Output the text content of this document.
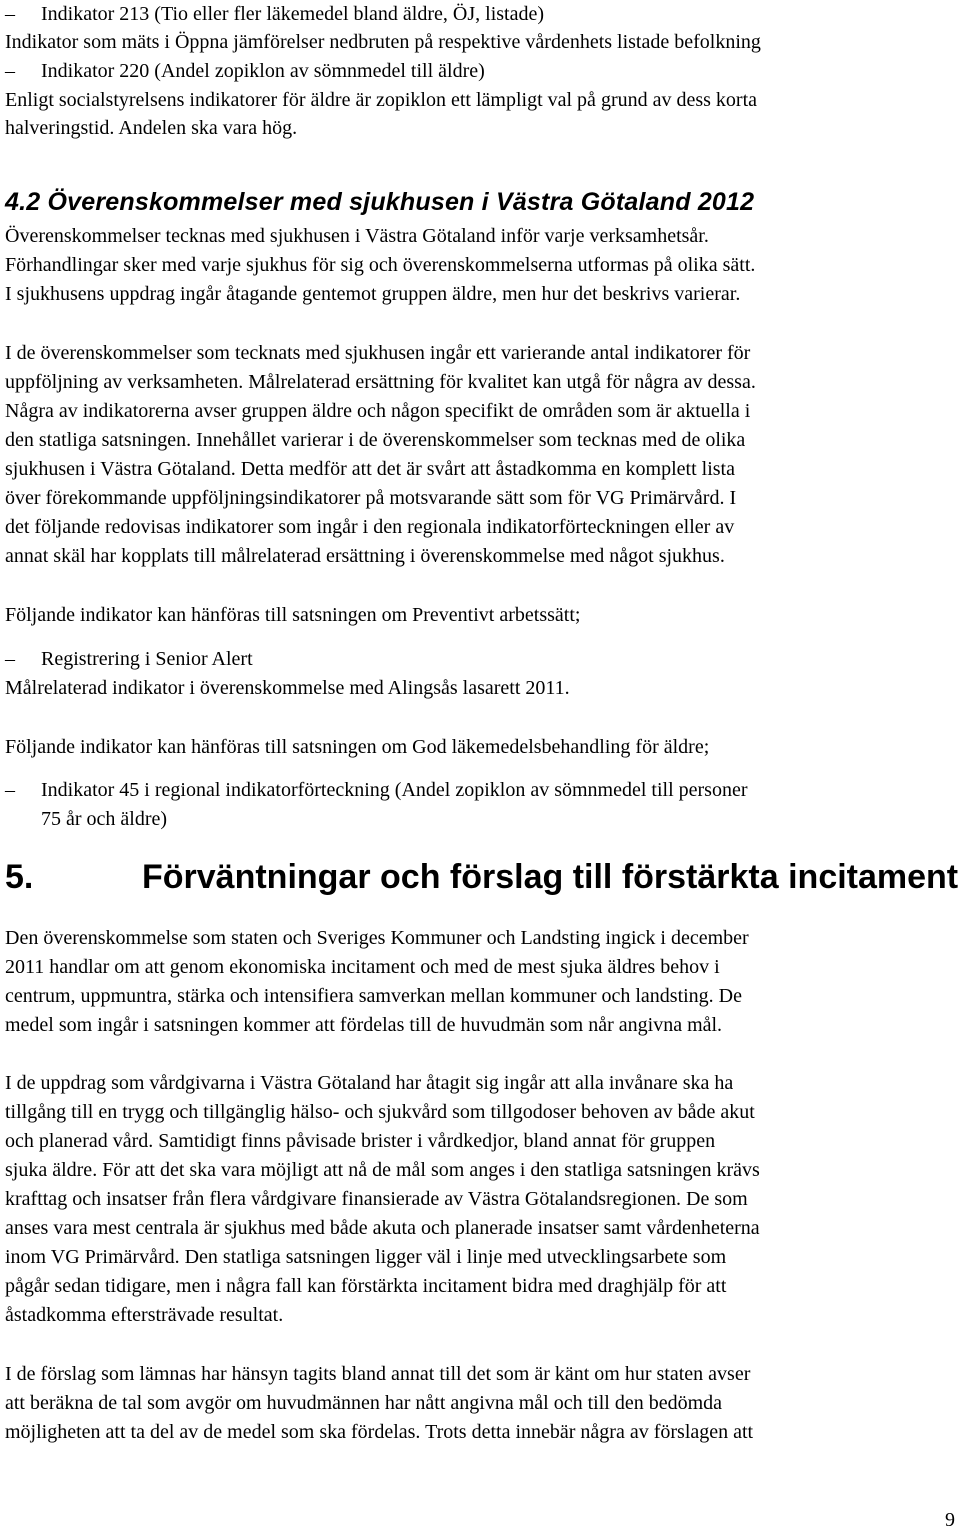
– Indikator 213 (Tio eller fler läkemedel bland äldre, ÖJ, listade)
Indikator som mäts i Öppna jämförelser nedbruten på respektive vårdenhets listade befolkning
– Indikator 220 (Andel zopiklon av sömnmedel till äldre)
Enligt socialstyrelsens indikatorer för äldre är zopiklon ett lämpligt val på grund av dess korta
halveringstid. Andelen ska vara hög.
4.2 Överenskommelser med sjukhusen i Västra Götaland 2012
Överenskommelser tecknas med sjukhusen i Västra Götaland inför varje verksamhetsår.
Förhandlingar sker med varje sjukhus för sig och överenskommelserna utformas på olika sätt.
I sjukhusens uppdrag ingår åtagande gentemot gruppen äldre, men hur det beskrivs varierar.
I de överenskommelser som tecknats med sjukhusen ingår ett varierande antal indikatorer för
uppföljning av verksamheten. Målrelaterad ersättning för kvalitet kan utgå för några av dessa.
Några av indikatorerna avser gruppen äldre och någon specifikt de områden som är aktuella i
den statliga satsningen. Innehållet varierar i de överenskommelser som tecknas med de olika
sjukhusen i Västra Götaland. Detta medför att det är svårt att åstadkomma en komplett lista
över förekommande uppföljningsindikatorer på motsvarande sätt som för VG Primärvård. I
det följande redovisas indikatorer som ingår i den regionala indikatorförteckningen eller av
annat skäl har kopplats till målrelaterad ersättning i överenskommelse med något sjukhus.
Följande indikator kan hänföras till satsningen om Preventivt arbetssätt;
– Registrering i Senior Alert
Målrelaterad indikator i överenskommelse med Alingsås lasarett 2011.
Följande indikator kan hänföras till satsningen om God läkemedelsbehandling för äldre;
– Indikator 45 i regional indikatorförteckning (Andel zopiklon av sömnmedel till personer
75 år och äldre)
5.	Förväntningar och förslag till förstärkta incitament
Den överenskommelse som staten och Sveriges Kommuner och Landsting ingick i december
2011 handlar om att genom ekonomiska incitament och med de mest sjuka äldres behov i
centrum, uppmuntra, stärka och intensifiera samverkan mellan kommuner och landsting. De
medel som ingår i satsningen kommer att fördelas till de huvudmän som når angivna mål.
I de uppdrag som vårdgivarna i Västra Götaland har åtagit sig ingår att alla invånare ska ha
tillgång till en trygg och tillgänglig hälso- och sjukvård som tillgodoser behoven av både akut
och planerad vård. Samtidigt finns påvisade brister i vårdkedjor, bland annat för gruppen
sjuka äldre. För att det ska vara möjligt att nå de mål som anges i den statliga satsningen krävs
krafttag och insatser från flera vårdgivare finansierade av Västra Götalandsregionen. De som
anses vara mest centrala är sjukhus med både akuta och planerade insatser samt vårdenheterna
inom VG Primärvård. Den statliga satsningen ligger väl i linje med utvecklingsarbete som
pågår sedan tidigare, men i några fall kan förstärkta incitament bidra med draghjälp för att
åstadkomma eftersträvade resultat.
I de förslag som lämnas har hänsyn tagits bland annat till det som är känt om hur staten avser
att beräkna de tal som avgör om huvudmännen har nått angivna mål och till den bedömda
möjligheten att ta del av de medel som ska fördelas. Trots detta innebär några av förslagen att
9
